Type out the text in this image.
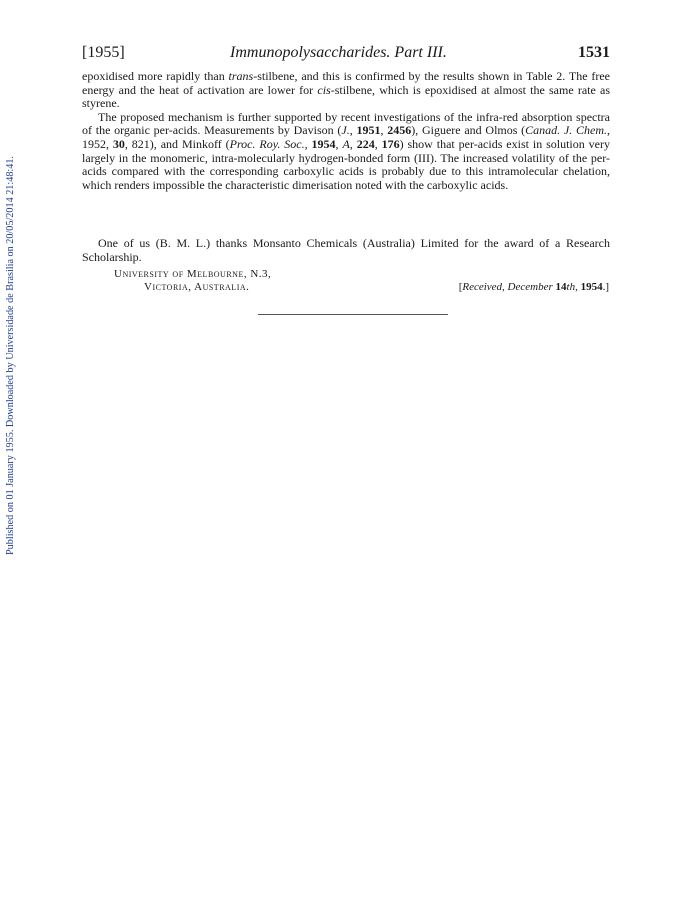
Published on 01 January 1955. Downloaded by Universidade de Brasilia on 20/05/2014 21:48:41.
[1955]	Immunopolysaccharides. Part III.	1531

epoxidised more rapidly than trans-stilbene, and this is confirmed by the results shown in Table 2. The free energy and the heat of activation are lower for cis-stilbene, which is epoxidised at almost the same rate as styrene.

The proposed mechanism is further supported by recent investigations of the infra-red absorption spectra of the organic per-acids. Measurements by Davison (J., 1951, 2456), Giguere and Olmos (Canad. J. Chem., 1952, 30, 821), and Minkoff (Proc. Roy. Soc., 1954, A, 224, 176) show that per-acids exist in solution very largely in the monomeric, intra-molecularly hydrogen-bonded form (III). The increased volatility of the per-acids compared with the corresponding carboxylic acids is probably due to this intramolecular chelation, which renders impossible the characteristic dimerisation noted with the carboxylic acids.

One of us (B. M. L.) thanks Monsanto Chemicals (Australia) Limited for the award of a Research Scholarship.

University of Melbourne, N.3,
Victoria, Australia.	[Received, December 14th, 1954.]
